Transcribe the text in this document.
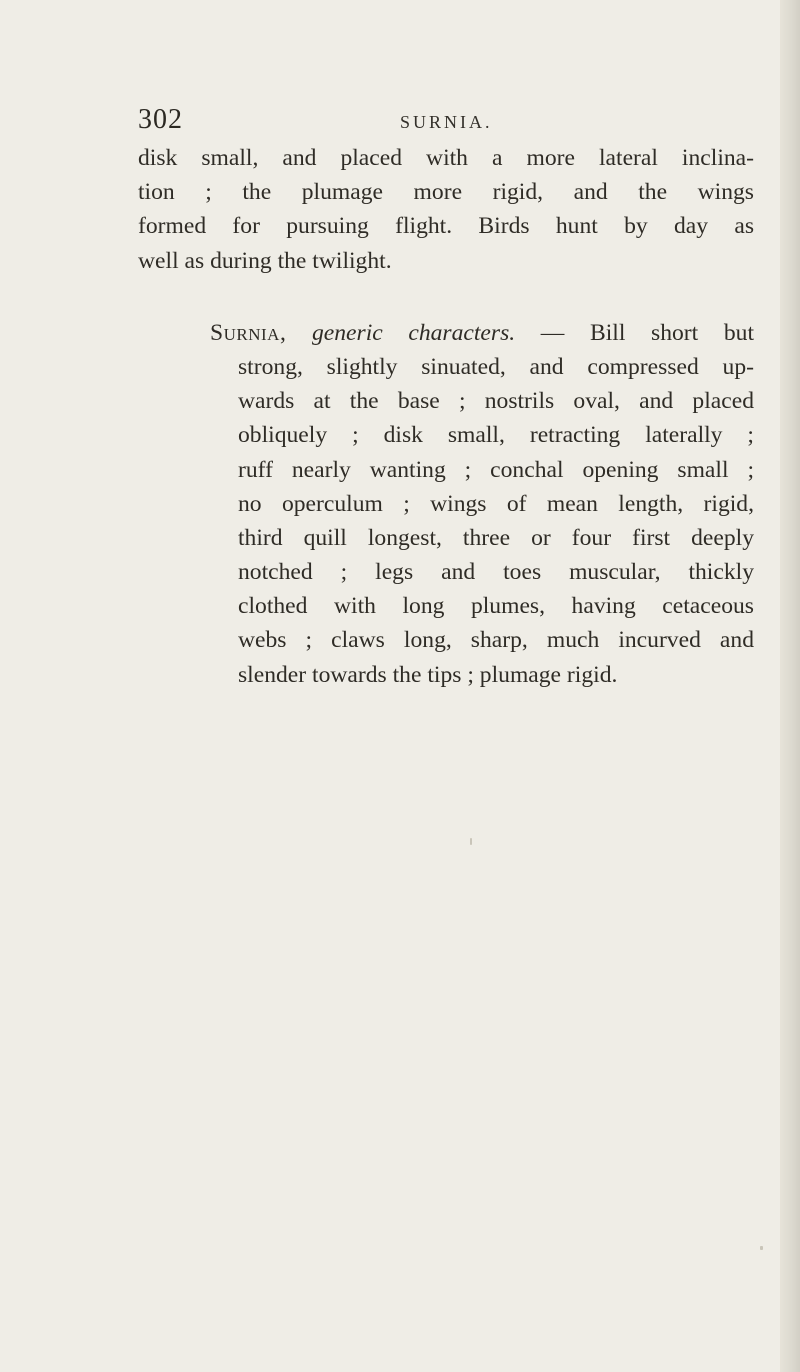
302	SURNIA.
disk small, and placed with a more lateral inclina-
tion ; the plumage more rigid, and the wings
formed for pursuing flight. Birds hunt by day as
well as during the twilight.
Surnia, generic characters. — Bill short but
strong, slightly sinuated, and compressed up-
wards at the base ; nostrils oval, and placed
obliquely ; disk small, retracting laterally ;
ruff nearly wanting ; conchal opening small ;
no operculum ; wings of mean length, rigid,
third quill longest, three or four first deeply
notched ; legs and toes muscular, thickly
clothed with long plumes, having cetaceous
webs ; claws long, sharp, much incurved and
slender towards the tips ; plumage rigid.
